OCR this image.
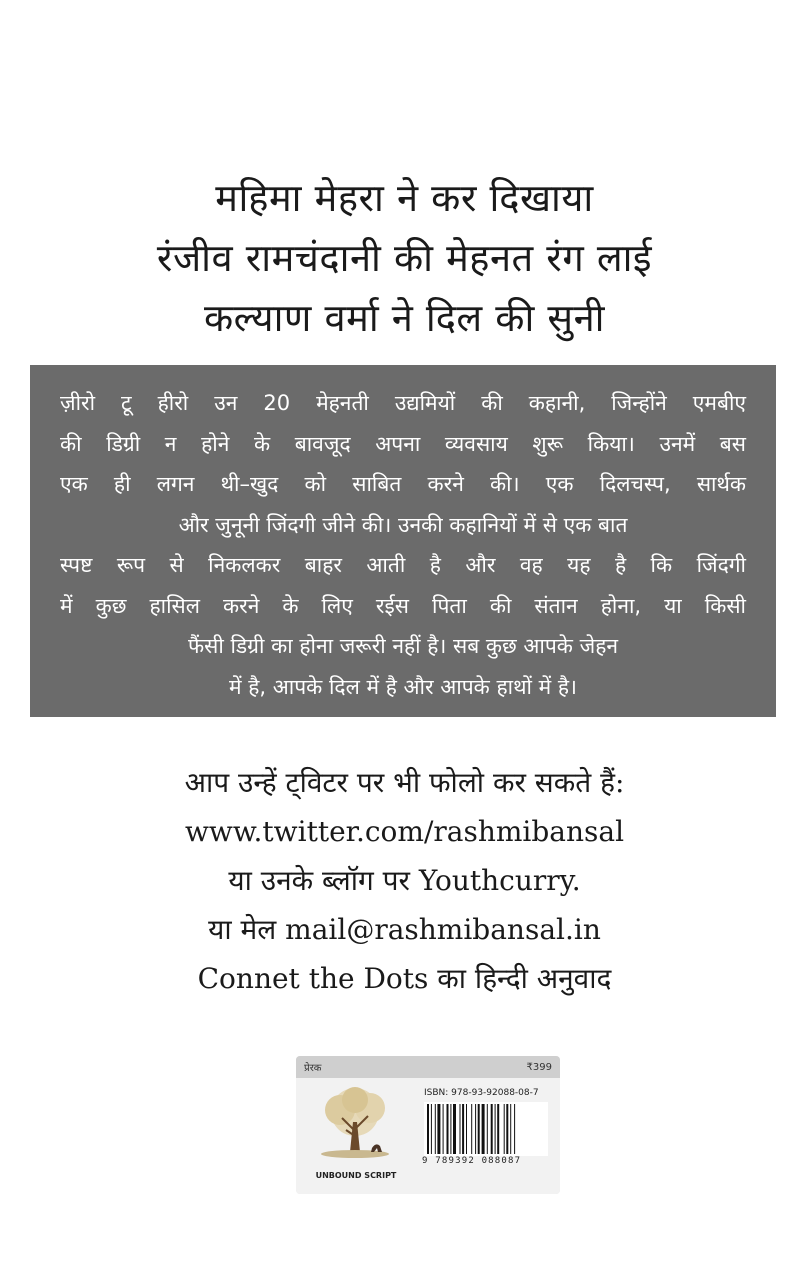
महिमा मेहरा ने कर दिखाया
रंजीव रामचंदानी की मेहनत रंग लाई
कल्याण वर्मा ने दिल की सुनी
ज़ीरो टू हीरो उन 20 मेहनती उद्यमियों की कहानी, जिन्होंने एमबीए
की डिग्री न होने के बावजूद अपना व्यवसाय शुरू किया। उनमें बस
एक ही लगन थी–खुद को साबित करने की। एक दिलचस्प, सार्थक
और जुनूनी जिंदगी जीने की। उनकी कहानियों में से एक बात
स्पष्ट रूप से निकलकर बाहर आती है और वह यह है कि जिंदगी
में कुछ हासिल करने के लिए रईस पिता की संतान होना, या किसी
फैंसी डिग्री का होना जरूरी नहीं है। सब कुछ आपके जेहन
में है, आपके दिल में है और आपके हाथों में है।
आप उन्हें ट्विटर पर भी फोलो कर सकते हैं:
www.twitter.com/rashmibansal
या उनके ब्लॉग पर Youthcurry.
या मेल mail@rashmibansal.in
Connet the Dots का हिन्दी अनुवाद
प्रेरक	₹399
UNBOUND SCRIPT
ISBN: 978-93-92088-08-7
9 789392 088087
